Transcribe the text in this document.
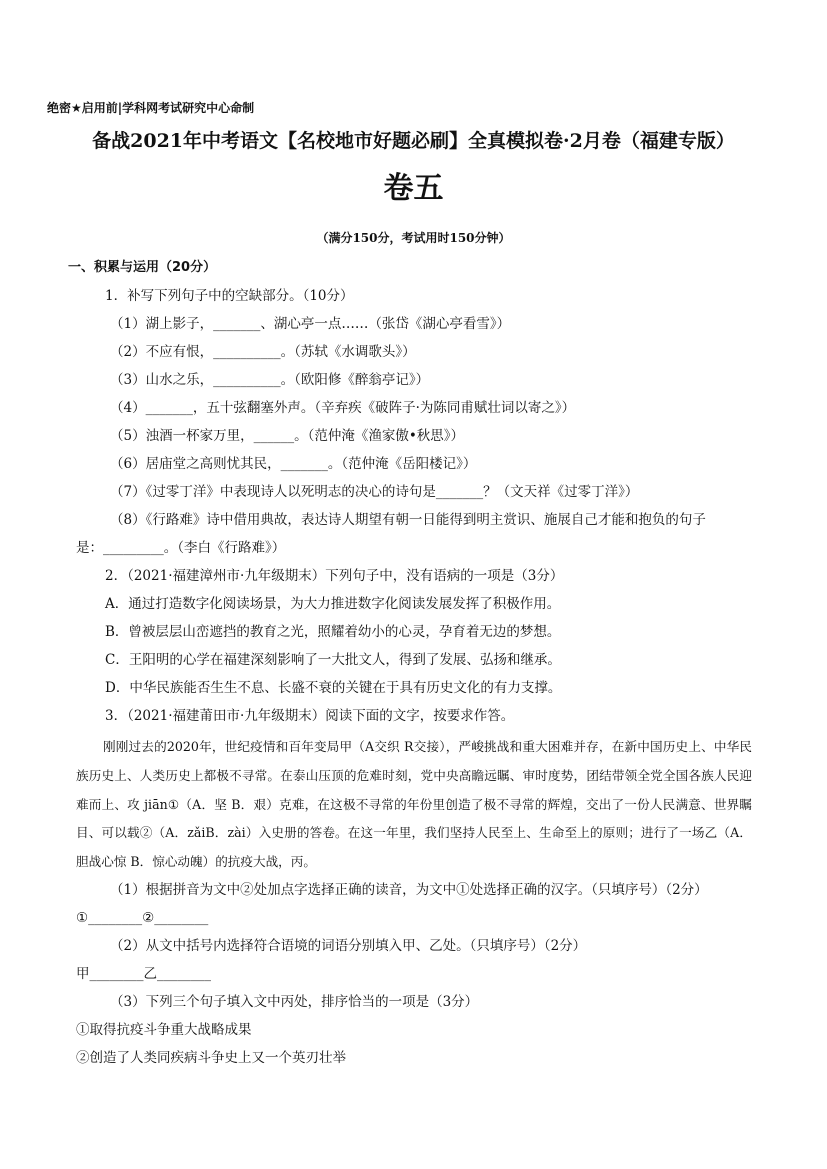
绝密★启用前|学科网考试研究中心命制
备战2021年中考语文【名校地市好题必刷】全真模拟卷·2月卷（福建专版）
卷五
（满分150分，考试用时150分钟）
一、积累与运用（20分）
1．补写下列句子中的空缺部分。（10分）
（1）湖上影子，_______、湖心亭一点……（张岱《湖心亭看雪》）
（2）不应有恨，__________。（苏轼《水调歌头》）
（3）山水之乐，__________。（欧阳修《醉翁亭记》）
（4）_______，五十弦翻塞外声。（辛弃疾《破阵子·为陈同甫赋壮词以寄之》）
（5）浊酒一杯家万里，______。（范仲淹《渔家傲•秋思》）
（6）居庙堂之高则忧其民，_______。（范仲淹《岳阳楼记》）
（7）《过零丁洋》中表现诗人以死明志的决心的诗句是_______？（文天祥《过零丁洋》）
（8）《行路难》诗中借用典故，表达诗人期望有朝一日能得到明主赏识、施展自己才能和抱负的句子
是：_________。（李白《行路难》）
2．（2021·福建漳州市·九年级期末）下列句子中，没有语病的一项是（3分）
A．通过打造数字化阅读场景，为大力推进数字化阅读发展发挥了积极作用。
B．曾被层层山峦遮挡的教育之光，照耀着幼小的心灵，孕育着无边的梦想。
C．王阳明的心学在福建深刻影响了一大批文人，得到了发展、弘扬和继承。
D．中华民族能否生生不息、长盛不衰的关键在于具有历史文化的有力支撑。
3．（2021·福建莆田市·九年级期末）阅读下面的文字，按要求作答。
刚刚过去的2020年，世纪疫情和百年变局甲（A交织 R交接），严峻挑战和重大困难并存，在新中国历史上、中华民族历史上、人类历史上都极不寻常。在泰山压顶的危难时刻，党中央高瞻远瞩、审时度势，团结带领全党全国各族人民迎难而上、攻 jiān①（A．坚 B．艰）克难，在这极不寻常的年份里创造了极不寻常的辉煌，交出了一份人民满意、世界瞩目、可以载②（A．zǎiB．zài）入史册的答卷。在这一年里，我们坚持人民至上、生命至上的原则；进行了一场乙（A．胆战心惊 B．惊心动魄）的抗疫大战，丙。
（1）根据拼音为文中②处加点字选择正确的读音，为文中①处选择正确的汉字。（只填序号）（2分）
①________②________
（2）从文中括号内选择符合语境的词语分别填入甲、乙处。（只填序号）（2分）
甲________乙________
（3）下列三个句子填入文中丙处，排序恰当的一项是（3分）
①取得抗疫斗争重大战略成果
②创造了人类同疾病斗争史上又一个英刃壮举
